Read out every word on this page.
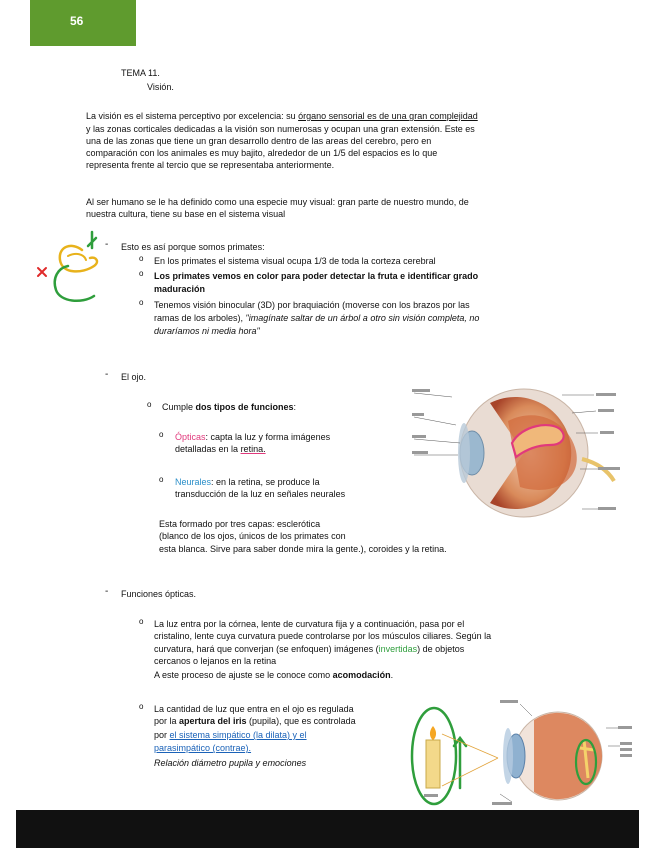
56
TEMA 11.
Visión.
La visión es el sistema perceptivo por excelencia: su órgano sensorial es de una gran complejidad
y las zonas corticales dedicadas a la visión son numerosas y ocupan una gran extensión. Este es
una de las zonas que tiene un gran desarrollo dentro de las areas del cerebro, pero en
comparación con los animales es muy bajito, alrededor de un 1/5 del espacios es lo que
representa frente al tercio que se representaba anteriormente.
Al ser humano se le ha definido como una especie muy visual: gran parte de nuestro mundo, de
nuestra cultura, tiene su base en el sistema visual
- Esto es así porque somos primates:
o En los primates el sistema visual ocupa 1/3 de toda la corteza cerebral
o Los primates vemos en color para poder detectar la fruta e identificar grado
maduración
o Tenemos visión binocular (3D) por braquiación (moverse con los brazos por las
ramas de los arboles), "imagínate saltar de un árbol a otro sin visión completa, no
duraríamos ni media hora"
- El ojo.
o Cumple dos tipos de funciones:
o Ópticas: capta la luz y forma imágenes
detalladas en la retina.
o Neurales: en la retina, se produce la
transducción de la luz en señales neurales
Esta formado por tres capas: esclerótica
(blanco de los ojos, únicos de los primates con
esta blanca. Sirve para saber donde mira la gente.), coroides y la retina.
- Funciones ópticas.
o La luz entra por la córnea, lente de curvatura fija y a continuación, pasa por el
cristalino, lente cuya curvatura puede controlarse por los músculos ciliares. Según la
curvatura, hará que converjan (se enfoquen) imágenes (invertidas) de objetos
cercanos o lejanos en la retina
A este proceso de ajuste se le conoce como acomodación.
o La cantidad de luz que entra en el ojo es regulada
por la apertura del iris (pupila), que es controlada
por el sistema simpático (la dilata) y el
parasimpático (contrae).
Relación diámetro pupila y emociones
